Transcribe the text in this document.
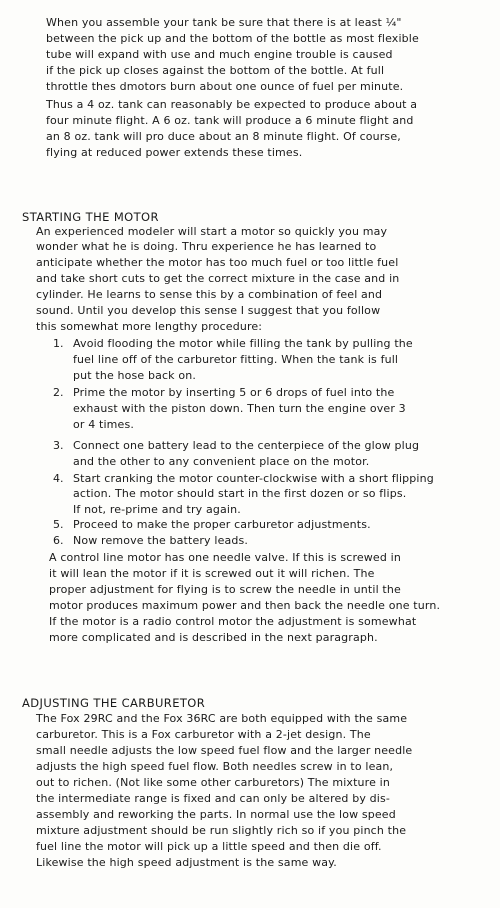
When you assemble your tank be sure that there is at least ¼"
between the pick up and the bottom of the bottle as most flexible
tube will expand with use and much engine trouble is caused
if the pick up closes against the bottom of the bottle. At full
throttle thes dmotors burn about one ounce of fuel per minute.
Thus a 4 oz. tank can reasonably be expected to produce about a
four minute flight. A 6 oz. tank will produce a 6 minute flight and
an 8 oz. tank will pro duce about an 8 minute flight. Of course,
flying at reduced power extends these times.
STARTING THE MOTOR
An experienced modeler will start a motor so quickly you may
wonder what he is doing. Thru experience he has learned to
anticipate whether the motor has too much fuel or too little fuel
and take short cuts to get the correct mixture in the case and in
cylinder. He learns to sense this by a combination of feel and
sound. Until you develop this sense I suggest that you follow
this somewhat more lengthy procedure:
1. Avoid flooding the motor while filling the tank by pulling the
fuel line off of the carburetor fitting. When the tank is full
put the hose back on.
2. Prime the motor by inserting 5 or 6 drops of fuel into the
exhaust with the piston down. Then turn the engine over 3
or 4 times.
3. Connect one battery lead to the centerpiece of the glow plug
and the other to any convenient place on the motor.
4. Start cranking the motor counter-clockwise with a short flipping
action. The motor should start in the first dozen or so flips.
If not, re-prime and try again.
5. Proceed to make the proper carburetor adjustments.
6. Now remove the battery leads.
A control line motor has one needle valve. If this is screwed in
it will lean the motor if it is screwed out it will richen. The
proper adjustment for flying is to screw the needle in until the
motor produces maximum power and then back the needle one turn.
If the motor is a radio control motor the adjustment is somewhat
more complicated and is described in the next paragraph.
ADJUSTING THE CARBURETOR
The Fox 29RC and the Fox 36RC are both equipped with the same
carburetor. This is a Fox carburetor with a 2-jet design. The
small needle adjusts the low speed fuel flow and the larger needle
adjusts the high speed fuel flow. Both needles screw in to lean,
out to richen. (Not like some other carburetors) The mixture in
the intermediate range is fixed and can only be altered by dis-
assembly and reworking the parts. In normal use the low speed
mixture adjustment should be run slightly rich so if you pinch the
fuel line the motor will pick up a little speed and then die off.
Likewise the high speed adjustment is the same way.
